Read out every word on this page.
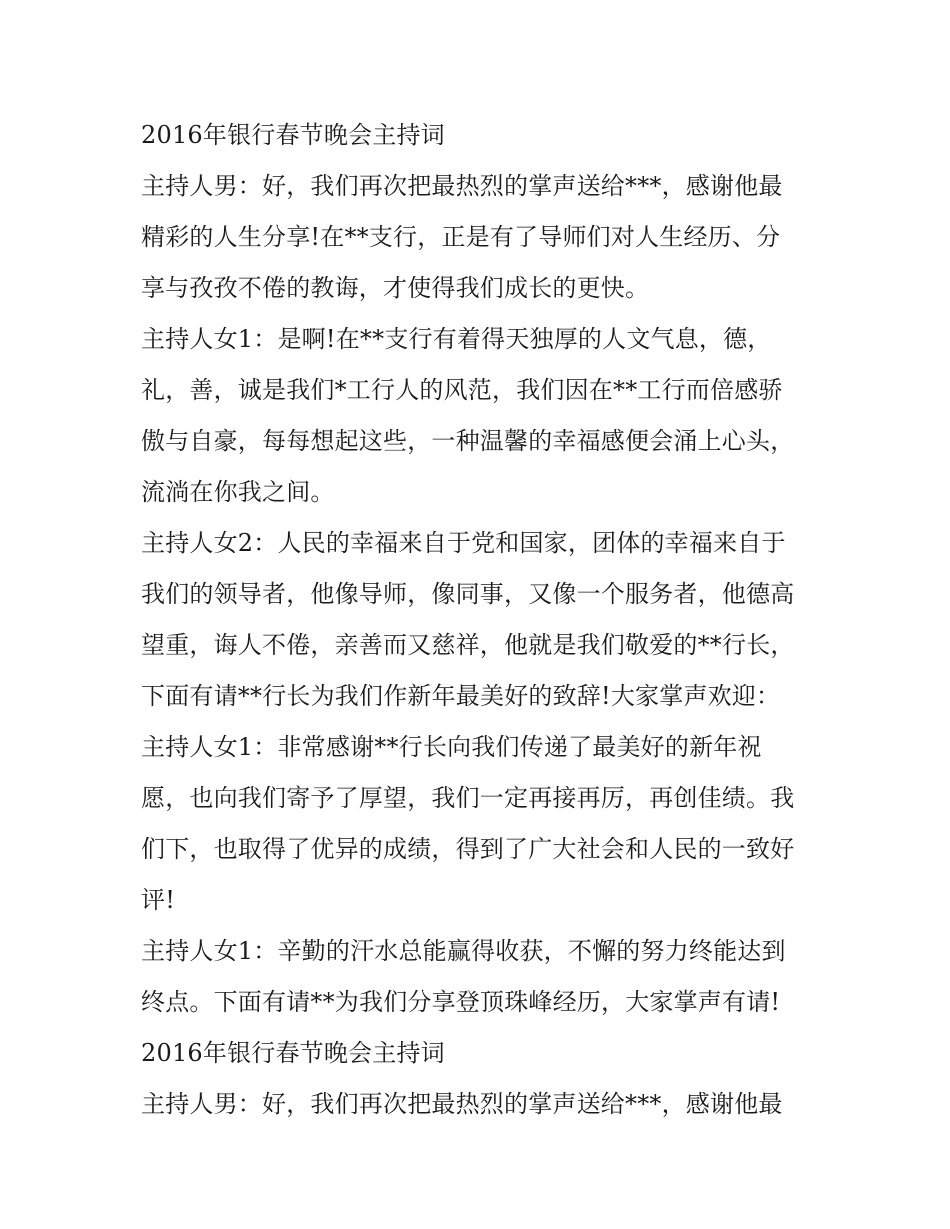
2016年银行春节晚会主持词
主持人男：好，我们再次把最热烈的掌声送给***，感谢他最
精彩的人生分享!在**支行，正是有了导师们对人生经历、分
享与孜孜不倦的教诲，才使得我们成长的更快。
主持人女1：是啊!在**支行有着得天独厚的人文气息，德，
礼，善，诚是我们*工行人的风范，我们因在**工行而倍感骄
傲与自豪，每每想起这些，一种温馨的幸福感便会涌上心头，
流淌在你我之间。
主持人女2：人民的幸福来自于党和国家，团体的幸福来自于
我们的领导者，他像导师，像同事，又像一个服务者，他德高
望重，诲人不倦，亲善而又慈祥，他就是我们敬爱的**行长，
下面有请**行长为我们作新年最美好的致辞!大家掌声欢迎：
主持人女1：非常感谢**行长向我们传递了最美好的新年祝
愿，也向我们寄予了厚望，我们一定再接再厉，再创佳绩。我
们下，也取得了优异的成绩，得到了广大社会和人民的一致好
评!
主持人女1：辛勤的汗水总能赢得收获，不懈的努力终能达到
终点。下面有请**为我们分享登顶珠峰经历，大家掌声有请!
2016年银行春节晚会主持词
主持人男：好，我们再次把最热烈的掌声送给***，感谢他最
